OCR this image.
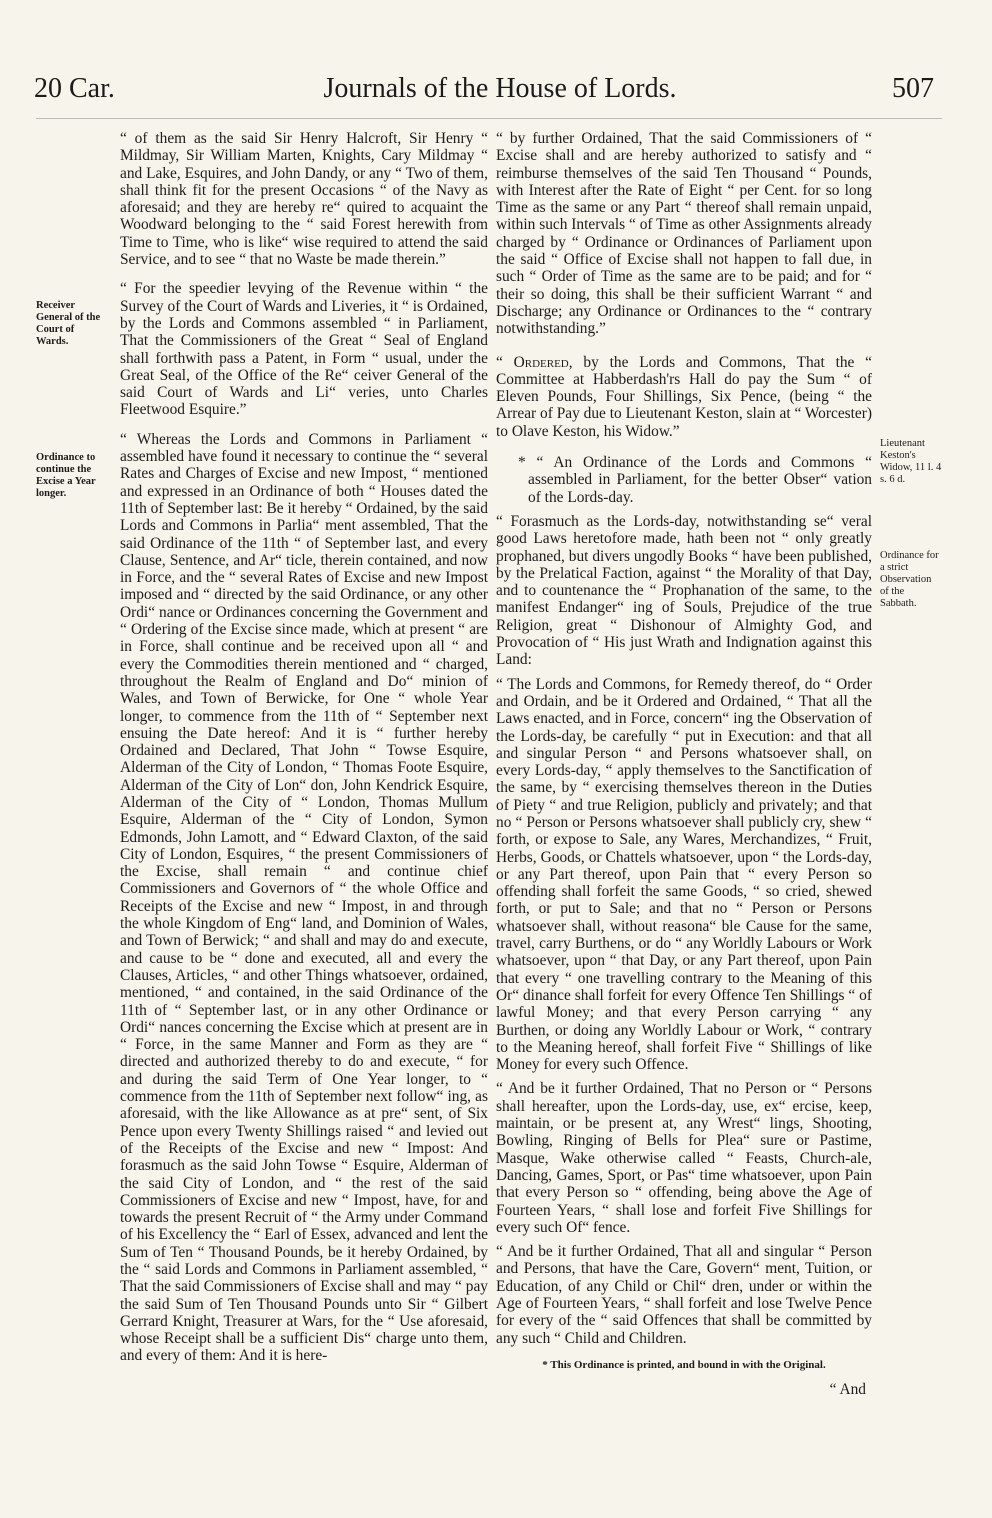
20 Car.	Journals of the House of Lords.	507
Receiver General of the Court of Wards.
Ordinance to continue the Excise a Year longer.
Lieutenant Keston's Widow, 11 l. 4 s. 6 d.
Ordinance for a strict Observation of the Sabbath.

“ of them as the said Sir Henry Halcroft, Sir Henry “ Mildmay, Sir William Marten, Knights, Cary Mildmay “ and Lake, Esquires, and John Dandy, or any “ Two of them, shall think fit for the present Occasions “ of the Navy as aforesaid; and they are hereby re“ quired to acquaint the Woodward belonging to the “ said Forest herewith from Time to Time, who is like“ wise required to attend the said Service, and to see “ that no Waste be made therein.”

“ For the speedier levying of the Revenue within “ the Survey of the Court of Wards and Liveries, it “ is Ordained, by the Lords and Commons assembled “ in Parliament, That the Commissioners of the Great “ Seal of England shall forthwith pass a Patent, in Form “ usual, under the Great Seal, of the Office of the Re“ ceiver General of the said Court of Wards and Li“ veries, unto Charles Fleetwood Esquire.”

“ Whereas the Lords and Commons in Parliament “ assembled have found it necessary to continue the “ several Rates and Charges of Excise and new Impost, “ mentioned and expressed in an Ordinance of both “ Houses dated the 11th of September last: Be it hereby “ Ordained, by the said Lords and Commons in Parlia“ ment assembled, That the said Ordinance of the 11th “ of September last, and every Clause, Sentence, and Ar“ ticle, therein contained, and now in Force, and the “ several Rates of Excise and new Impost imposed and “ directed by the said Ordinance, or any other Ordi“ nance or Ordinances concerning the Government and “ Ordering of the Excise since made, which at present “ are in Force, shall continue and be received upon all “ and every the Commodities therein mentioned and “ charged, throughout the Realm of England and Do“ minion of Wales, and Town of Berwicke, for One “ whole Year longer, to commence from the 11th of “ September next ensuing the Date hereof: And it is “ further hereby Ordained and Declared, That John “ Towse Esquire, Alderman of the City of London, “ Thomas Foote Esquire, Alderman of the City of Lon“ don, John Kendrick Esquire, Alderman of the City of “ London, Thomas Mullum Esquire, Alderman of the “ City of London, Symon Edmonds, John Lamott, and “ Edward Claxton, of the said City of London, Esquires, “ the present Commissioners of the Excise, shall remain “ and continue chief Commissioners and Governors of “ the whole Office and Receipts of the Excise and new “ Impost, in and through the whole Kingdom of Eng“ land, and Dominion of Wales, and Town of Berwick; “ and shall and may do and execute, and cause to be “ done and executed, all and every the Clauses, Articles, “ and other Things whatsoever, ordained, mentioned, “ and contained, in the said Ordinance of the 11th of “ September last, or in any other Ordinance or Ordi“ nances concerning the Excise which at present are in “ Force, in the same Manner and Form as they are “ directed and authorized thereby to do and execute, “ for and during the said Term of One Year longer, to “ commence from the 11th of September next follow“ ing, as aforesaid, with the like Allowance as at pre“ sent, of Six Pence upon every Twenty Shillings raised “ and levied out of the Receipts of the Excise and new “ Impost: And forasmuch as the said John Towse “ Esquire, Alderman of the said City of London, and “ the rest of the said Commissioners of Excise and new “ Impost, have, for and towards the present Recruit of “ the Army under Command of his Excellency the “ Earl of Essex, advanced and lent the Sum of Ten “ Thousand Pounds, be it hereby Ordained, by the “ said Lords and Commons in Parliament assembled, “ That the said Commissioners of Excise shall and may “ pay the said Sum of Ten Thousand Pounds unto Sir “ Gilbert Gerrard Knight, Treasurer at Wars, for the “ Use aforesaid, whose Receipt shall be a sufficient Dis“ charge unto them, and every of them: And it is here-

“ by further Ordained, That the said Commissioners of “ Excise shall and are hereby authorized to satisfy and “ reimburse themselves of the said Ten Thousand “ Pounds, with Interest after the Rate of Eight “ per Cent. for so long Time as the same or any Part “ thereof shall remain unpaid, within such Intervals “ of Time as other Assignments already charged by “ Ordinance or Ordinances of Parliament upon the said “ Office of Excise shall not happen to fall due, in such “ Order of Time as the same are to be paid; and for “ their so doing, this shall be their sufficient Warrant “ and Discharge; any Ordinance or Ordinances to the “ contrary notwithstanding.”

“ Ordered, by the Lords and Commons, That the “ Committee at Habberdash'rs Hall do pay the Sum “ of Eleven Pounds, Four Shillings, Six Pence, (being “ the Arrear of Pay due to Lieutenant Keston, slain at “ Worcester) to Olave Keston, his Widow.”

* “ An Ordinance of the Lords and Commons “ assembled in Parliament, for the better Obser“ vation of the Lords-day.

“ Forasmuch as the Lords-day, notwithstanding se“ veral good Laws heretofore made, hath been not “ only greatly prophaned, but divers ungodly Books “ have been published, by the Prelatical Faction, against “ the Morality of that Day, and to countenance the “ Prophanation of the same, to the manifest Endanger“ ing of Souls, Prejudice of the true Religion, great “ Dishonour of Almighty God, and Provocation of “ His just Wrath and Indignation against this Land:

“ The Lords and Commons, for Remedy thereof, do “ Order and Ordain, and be it Ordered and Ordained, “ That all the Laws enacted, and in Force, concern“ ing the Observation of the Lords-day, be carefully “ put in Execution: and that all and singular Person “ and Persons whatsoever shall, on every Lords-day, “ apply themselves to the Sanctification of the same, by “ exercising themselves thereon in the Duties of Piety “ and true Religion, publicly and privately; and that no “ Person or Persons whatsoever shall publicly cry, shew “ forth, or expose to Sale, any Wares, Merchandizes, “ Fruit, Herbs, Goods, or Chattels whatsoever, upon “ the Lords-day, or any Part thereof, upon Pain that “ every Person so offending shall forfeit the same Goods, “ so cried, shewed forth, or put to Sale; and that no “ Person or Persons whatsoever shall, without reasona“ ble Cause for the same, travel, carry Burthens, or do “ any Worldly Labours or Work whatsoever, upon “ that Day, or any Part thereof, upon Pain that every “ one travelling contrary to the Meaning of this Or“ dinance shall forfeit for every Offence Ten Shillings “ of lawful Money; and that every Person carrying “ any Burthen, or doing any Worldly Labour or Work, “ contrary to the Meaning hereof, shall forfeit Five “ Shillings of like Money for every such Offence.

“ And be it further Ordained, That no Person or “ Persons shall hereafter, upon the Lords-day, use, ex“ ercise, keep, maintain, or be present at, any Wrest“ lings, Shooting, Bowling, Ringing of Bells for Plea“ sure or Pastime, Masque, Wake otherwise called “ Feasts, Church-ale, Dancing, Games, Sport, or Pas“ time whatsoever, upon Pain that every Person so “ offending, being above the Age of Fourteen Years, “ shall lose and forfeit Five Shillings for every such Of“ fence.

“ And be it further Ordained, That all and singular “ Person and Persons, that have the Care, Govern“ ment, Tuition, or Education, of any Child or Chil“ dren, under or within the Age of Fourteen Years, “ shall forfeit and lose Twelve Pence for every of the “ said Offences that shall be committed by any such “ Child and Children.

* This Ordinance is printed, and bound in with the Original.

“ And
